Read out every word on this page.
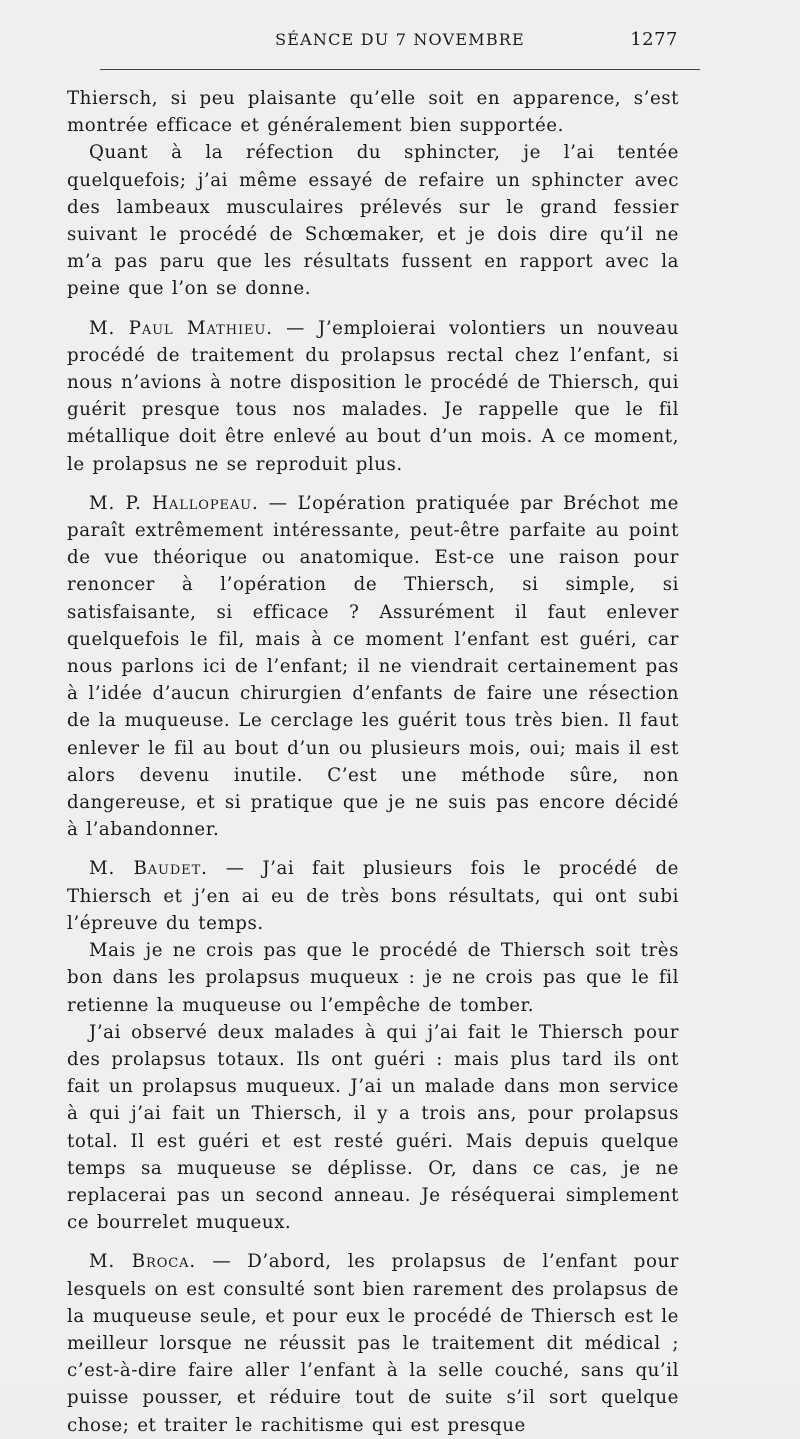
SÉANCE DU 7 NOVEMBRE	1277

Thiersch, si peu plaisante qu’elle soit en apparence, s’est montrée efficace et généralement bien supportée.

Quant à la réfection du sphincter, je l’ai tentée quelquefois; j’ai même essayé de refaire un sphincter avec des lambeaux musculaires prélevés sur le grand fessier suivant le procédé de Schœmaker, et je dois dire qu’il ne m’a pas paru que les résultats fussent en rapport avec la peine que l’on se donne.

M. Paul Mathieu. — J’emploierai volontiers un nouveau procédé de traitement du prolapsus rectal chez l’enfant, si nous n’avions à notre disposition le procédé de Thiersch, qui guérit presque tous nos malades. Je rappelle que le fil métallique doit être enlevé au bout d’un mois. A ce moment, le prolapsus ne se reproduit plus.

M. P. Hallopeau. — L’opération pratiquée par Bréchot me paraît extrêmement intéressante, peut-être parfaite au point de vue théorique ou anatomique. Est-ce une raison pour renoncer à l’opération de Thiersch, si simple, si satisfaisante, si efficace ? Assurément il faut enlever quelquefois le fil, mais à ce moment l’enfant est guéri, car nous parlons ici de l’enfant; il ne viendrait certainement pas à l’idée d’aucun chirurgien d’enfants de faire une résection de la muqueuse. Le cerclage les guérit tous très bien. Il faut enlever le fil au bout d’un ou plusieurs mois, oui; mais il est alors devenu inutile. C’est une méthode sûre, non dangereuse, et si pratique que je ne suis pas encore décidé à l’abandonner.

M. Baudet. — J’ai fait plusieurs fois le procédé de Thiersch et j’en ai eu de très bons résultats, qui ont subi l’épreuve du temps.

Mais je ne crois pas que le procédé de Thiersch soit très bon dans les prolapsus muqueux : je ne crois pas que le fil retienne la muqueuse ou l’empêche de tomber.

J’ai observé deux malades à qui j’ai fait le Thiersch pour des prolapsus totaux. Ils ont guéri : mais plus tard ils ont fait un prolapsus muqueux. J’ai un malade dans mon service à qui j’ai fait un Thiersch, il y a trois ans, pour prolapsus total. Il est guéri et est resté guéri. Mais depuis quelque temps sa muqueuse se déplisse. Or, dans ce cas, je ne replacerai pas un second anneau. Je réséquerai simplement ce bourrelet muqueux.

M. Broca. — D’abord, les prolapsus de l’enfant pour lesquels on est consulté sont bien rarement des prolapsus de la muqueuse seule, et pour eux le procédé de Thiersch est le meilleur lorsque ne réussit pas le traitement dit médical ; c’est-à-dire faire aller l’enfant à la selle couché, sans qu’il puisse pousser, et réduire tout de suite s’il sort quelque chose; et traiter le rachitisme qui est presque
